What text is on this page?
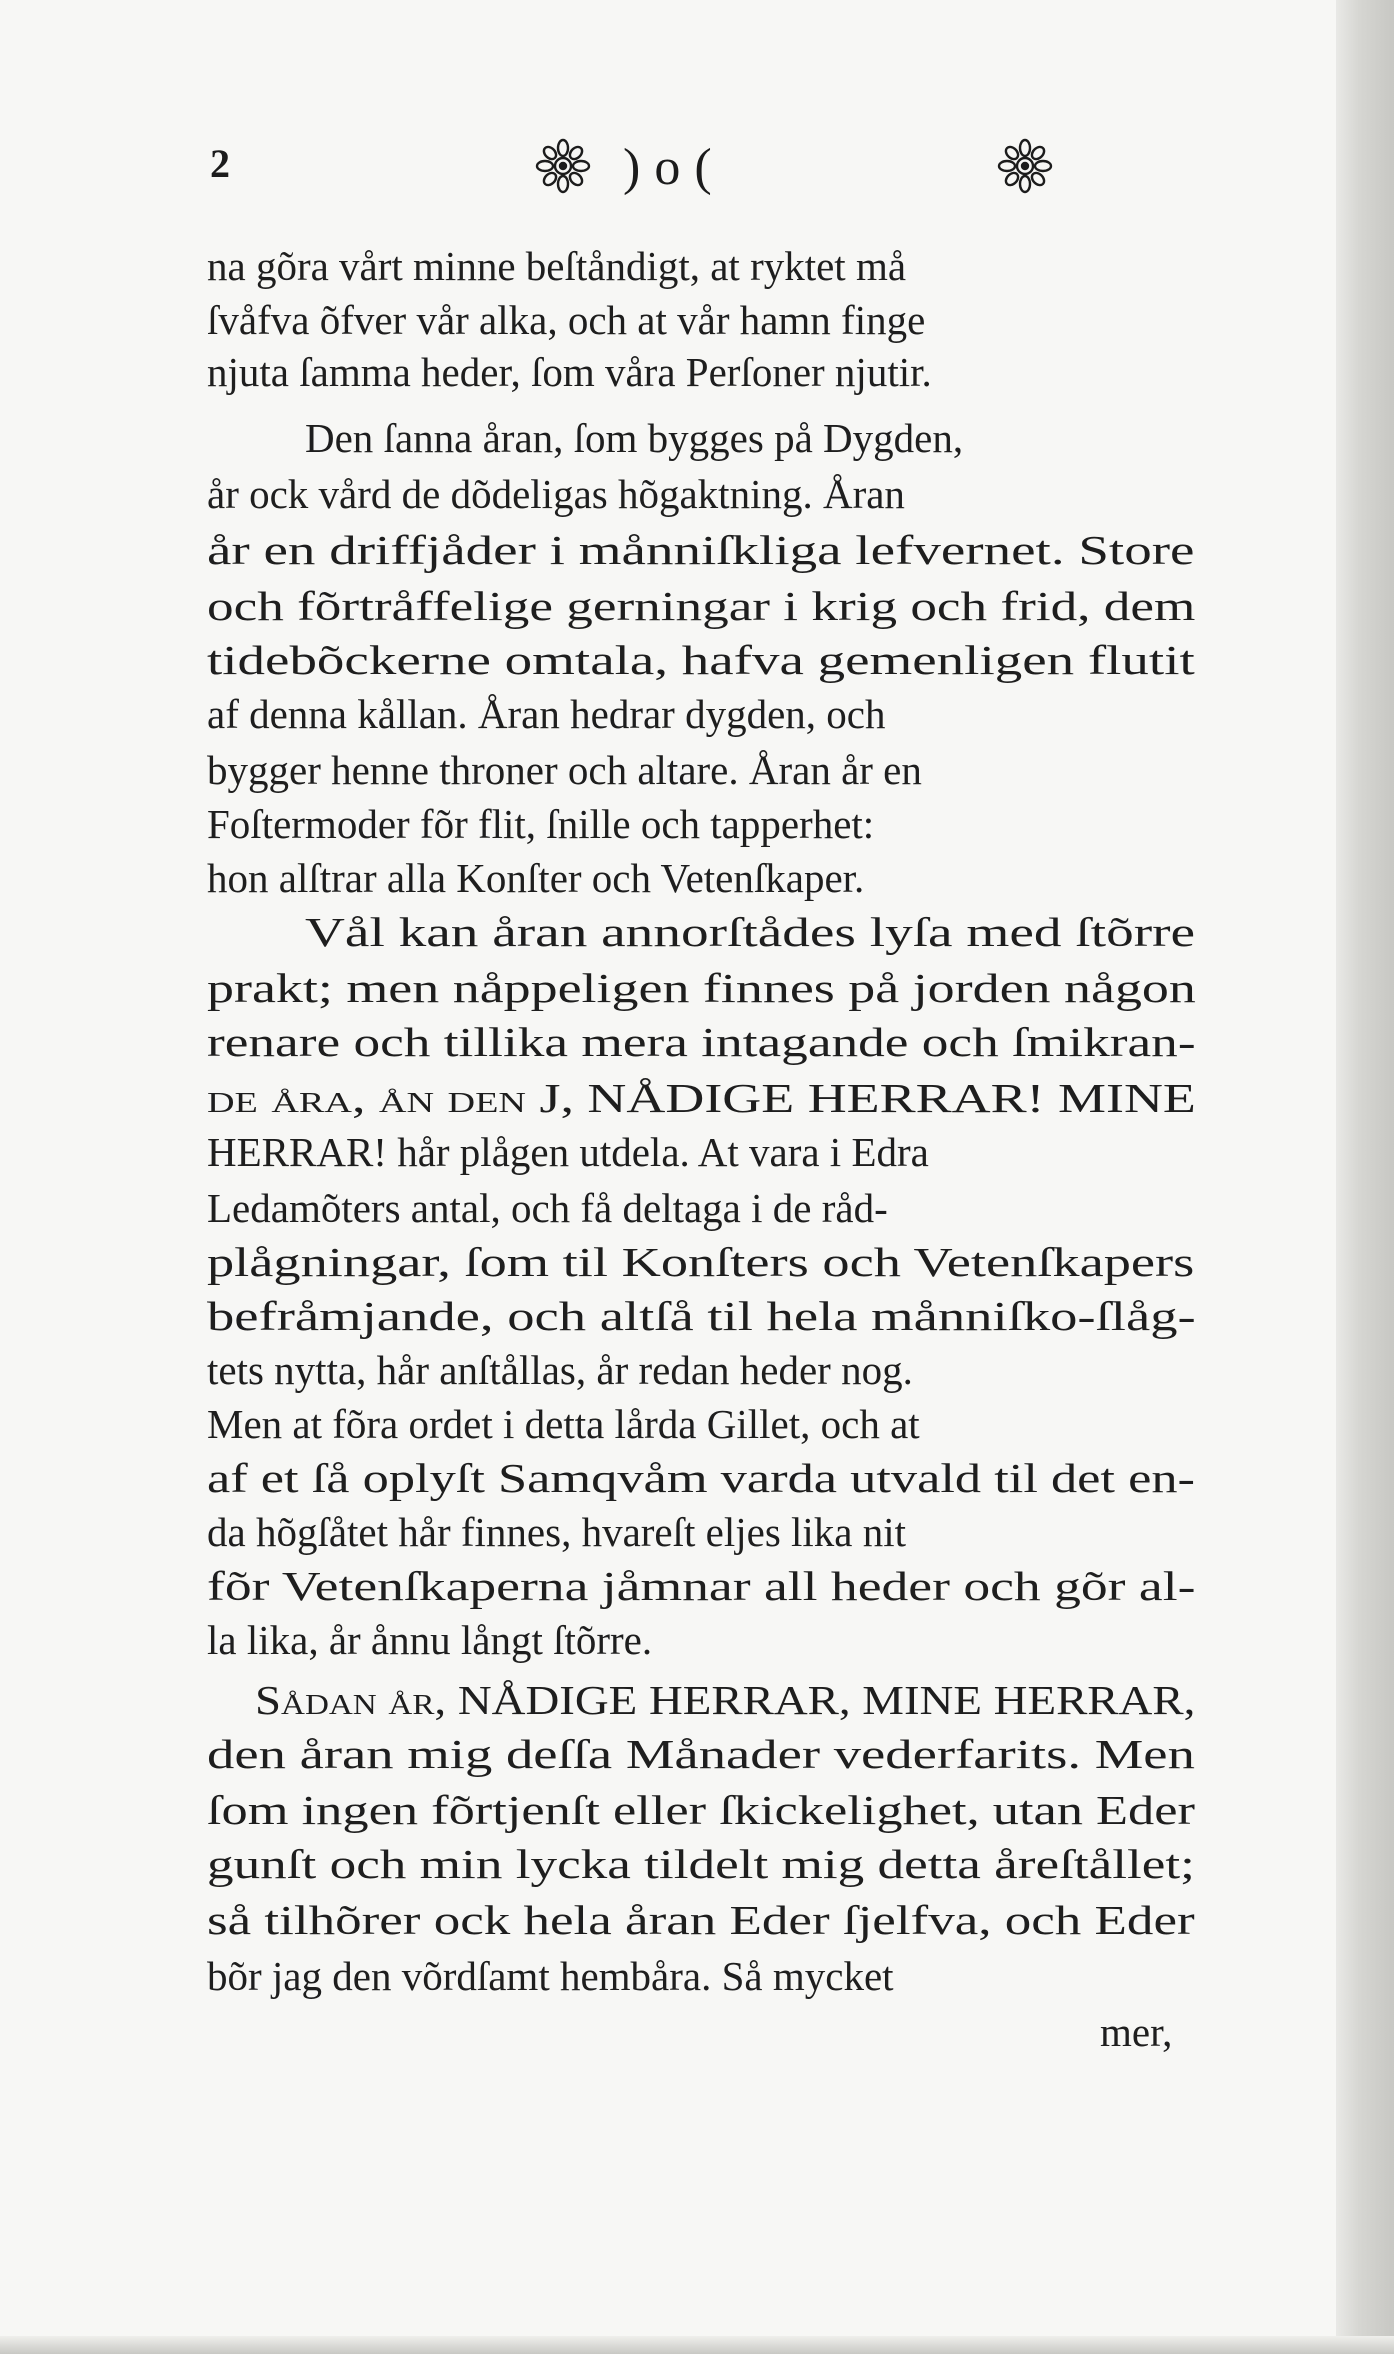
2	)o(
na gõra vårt minne beſtåndigt, at ryktet må
ſvåfva õfver vår alka, och at vår hamn finge
njuta ſamma heder, ſom våra Perſoner njutir.
Den ſanna åran, ſom bygges på Dygden,
år ock vård de dõdeligas hõgaktning. Åran
år en driffjåder i månniſkliga lefvernet. Store
och fõrtråffelige gerningar i krig och frid, dem
tidebõckerne omtala, hafva gemenligen flutit
af denna kållan. Åran hedrar dygden, och
bygger henne throner och altare. Åran år en
Foſtermoder fõr flit, ſnille och tapperhet:
hon alſtrar alla Konſter och Vetenſkaper.
Vål kan åran annorſtådes lyſa med ſtõrre
prakt; men nåppeligen finnes på jorden någon
renare och tillika mera intagande och ſmikran-
de åra, ån den J, NÅDIGE HERRAR! MINE
HERRAR! hår plågen utdela. At vara i Edra
Ledamõters antal, och få deltaga i de råd-
plågningar, ſom til Konſters och Vetenſkapers
befråmjande, och altſå til hela månniſko-ſlåg-
tets nytta, hår anſtållas, år redan heder nog.
Men at fõra ordet i detta lårda Gillet, och at
af et ſå oplyſt Samqvåm varda utvald til det en-
da hõgſåtet hår finnes, hvareſt eljes lika nit
fõr Vetenſkaperna jåmnar all heder och gõr al-
la lika, år ånnu långt ſtõrre.
Sådan år, NÅDIGE HERRAR, MINE HERRAR,
den åran mig deſſa Månader vederfarits. Men
ſom ingen fõrtjenſt eller ſkickelighet, utan Eder
gunſt och min lycka tildelt mig detta åreſtållet;
så tilhõrer ock hela åran Eder ſjelfva, och Eder
bõr jag den võrdſamt hembåra. Så mycket
mer,
